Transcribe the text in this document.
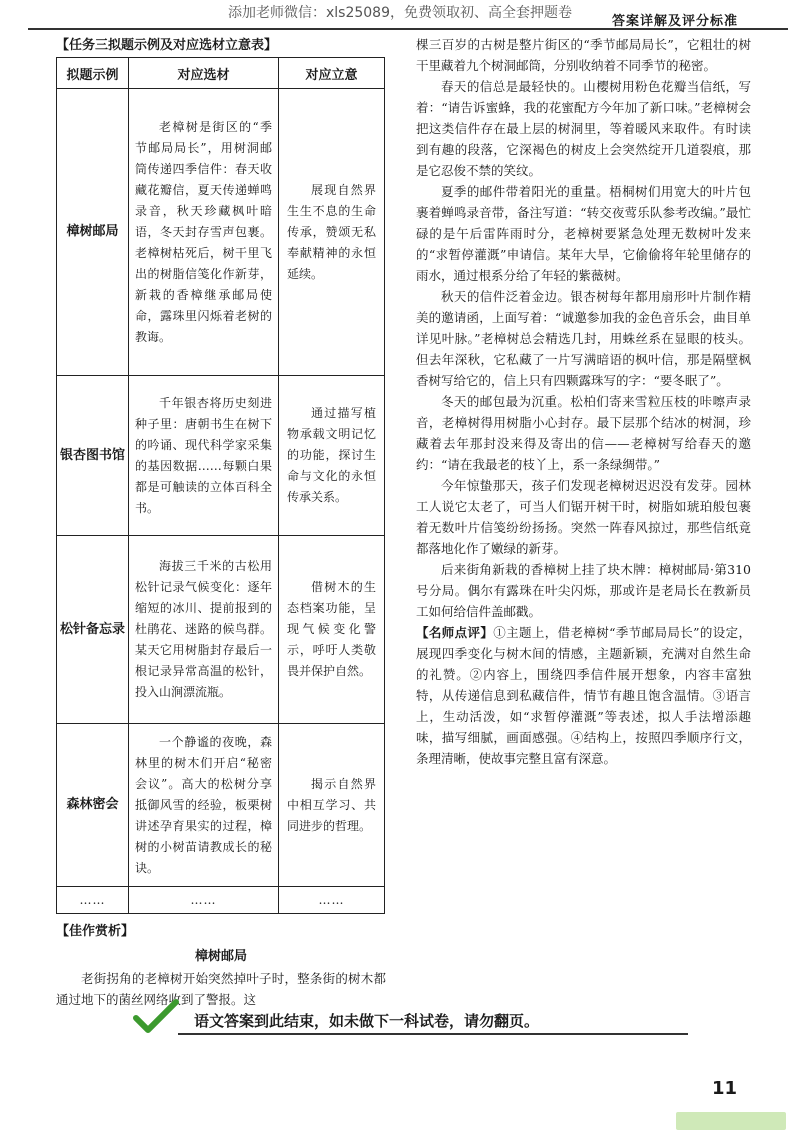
添加老师微信：xls25089，免费领取初、高全套押题卷
答案详解及评分标准
【任务三拟题示例及对应选材立意表】
拟题示例	对应选材	对应立意
樟树邮局	老樟树是街区的“季节邮局局长”，用树洞邮筒传递四季信件：春天收藏花瓣信，夏天传递蝉鸣录音，秋天珍藏枫叶暗语，冬天封存雪声包裹。老樟树枯死后，树干里飞出的树脂信笺化作新芽，新栽的香樟继承邮局使命，露珠里闪烁着老树的教诲。	展现自然界生生不息的生命传承，赞颂无私奉献精神的永恒延续。
银杏图书馆	千年银杏将历史刻进种子里：唐朝书生在树下的吟诵、现代科学家采集的基因数据……每颗白果都是可触读的立体百科全书。	通过描写植物承载文明记忆的功能，探讨生命与文化的永恒传承关系。
松针备忘录	海拔三千米的古松用松针记录气候变化：逐年缩短的冰川、提前报到的杜鹃花、迷路的候鸟群。某天它用树脂封存最后一根记录异常高温的松针，投入山涧漂流瓶。	借树木的生态档案功能，呈现气候变化警示，呼吁人类敬畏并保护自然。
森林密会	一个静谧的夜晚，森林里的树木们开启“秘密会议”。高大的松树分享抵御风雪的经验，板栗树讲述孕育果实的过程，樟树的小树苗请教成长的秘诀。	揭示自然界中相互学习、共同进步的哲理。
……	……	……
【佳作赏析】
樟树邮局

老街拐角的老樟树开始突然掉叶子时，整条街的树木都通过地下的菌丝网络收到了警报。这

棵三百岁的古树是整片街区的“季节邮局局长”，它粗壮的树干里藏着九个树洞邮筒，分别收纳着不同季节的秘密。

春天的信总是最轻快的。山樱树用粉色花瓣当信纸，写着：“请告诉蜜蜂，我的花蜜配方今年加了新口味。”老樟树会把这类信件存在最上层的树洞里，等着暖风来取件。有时读到有趣的段落，它深褐色的树皮上会突然绽开几道裂痕，那是它忍俊不禁的笑纹。

夏季的邮件带着阳光的重量。梧桐树们用宽大的叶片包裹着蝉鸣录音带，备注写道：“转交夜莺乐队参考改编。”最忙碌的是午后雷阵雨时分，老樟树要紧急处理无数树叶发来的“求暂停灌溉”申请信。某年大旱，它偷偷将年轮里储存的雨水，通过根系分给了年轻的紫薇树。

秋天的信件泛着金边。银杏树每年都用扇形叶片制作精美的邀请函，上面写着：“诚邀参加我的金色音乐会，曲目单详见叶脉。”老樟树总会精选几封，用蛛丝系在显眼的枝头。但去年深秋，它私藏了一片写满暗语的枫叶信，那是隔壁枫香树写给它的，信上只有四颗露珠写的字：“要冬眠了”。

冬天的邮包最为沉重。松柏们寄来雪粒压枝的咔嚓声录音，老樟树得用树脂小心封存。最下层那个结冰的树洞，珍藏着去年那封没来得及寄出的信——老樟树写给春天的邀约：“请在我最老的枝丫上，系一条绿绸带。”

今年惊蛰那天，孩子们发现老樟树迟迟没有发芽。园林工人说它太老了，可当人们锯开树干时，树脂如琥珀般包裹着无数叶片信笺纷纷扬扬。突然一阵春风掠过，那些信纸竟都落地化作了嫩绿的新芽。

后来街角新栽的香樟树上挂了块木牌：樟树邮局·第310号分局。偶尔有露珠在叶尖闪烁，那或许是老局长在教新员工如何给信件盖邮戳。

【名师点评】①主题上，借老樟树“季节邮局局长”的设定，展现四季变化与树木间的情感，主题新颖，充满对自然生命的礼赞。②内容上，围绕四季信件展开想象，内容丰富独特，从传递信息到私藏信件，情节有趣且饱含温情。③语言上，生动活泼，如“求暂停灌溉”等表述，拟人手法增添趣味，描写细腻，画面感强。④结构上，按照四季顺序行文，条理清晰，使故事完整且富有深意。

语文答案到此结束，如未做下一科试卷，请勿翻页。
11
